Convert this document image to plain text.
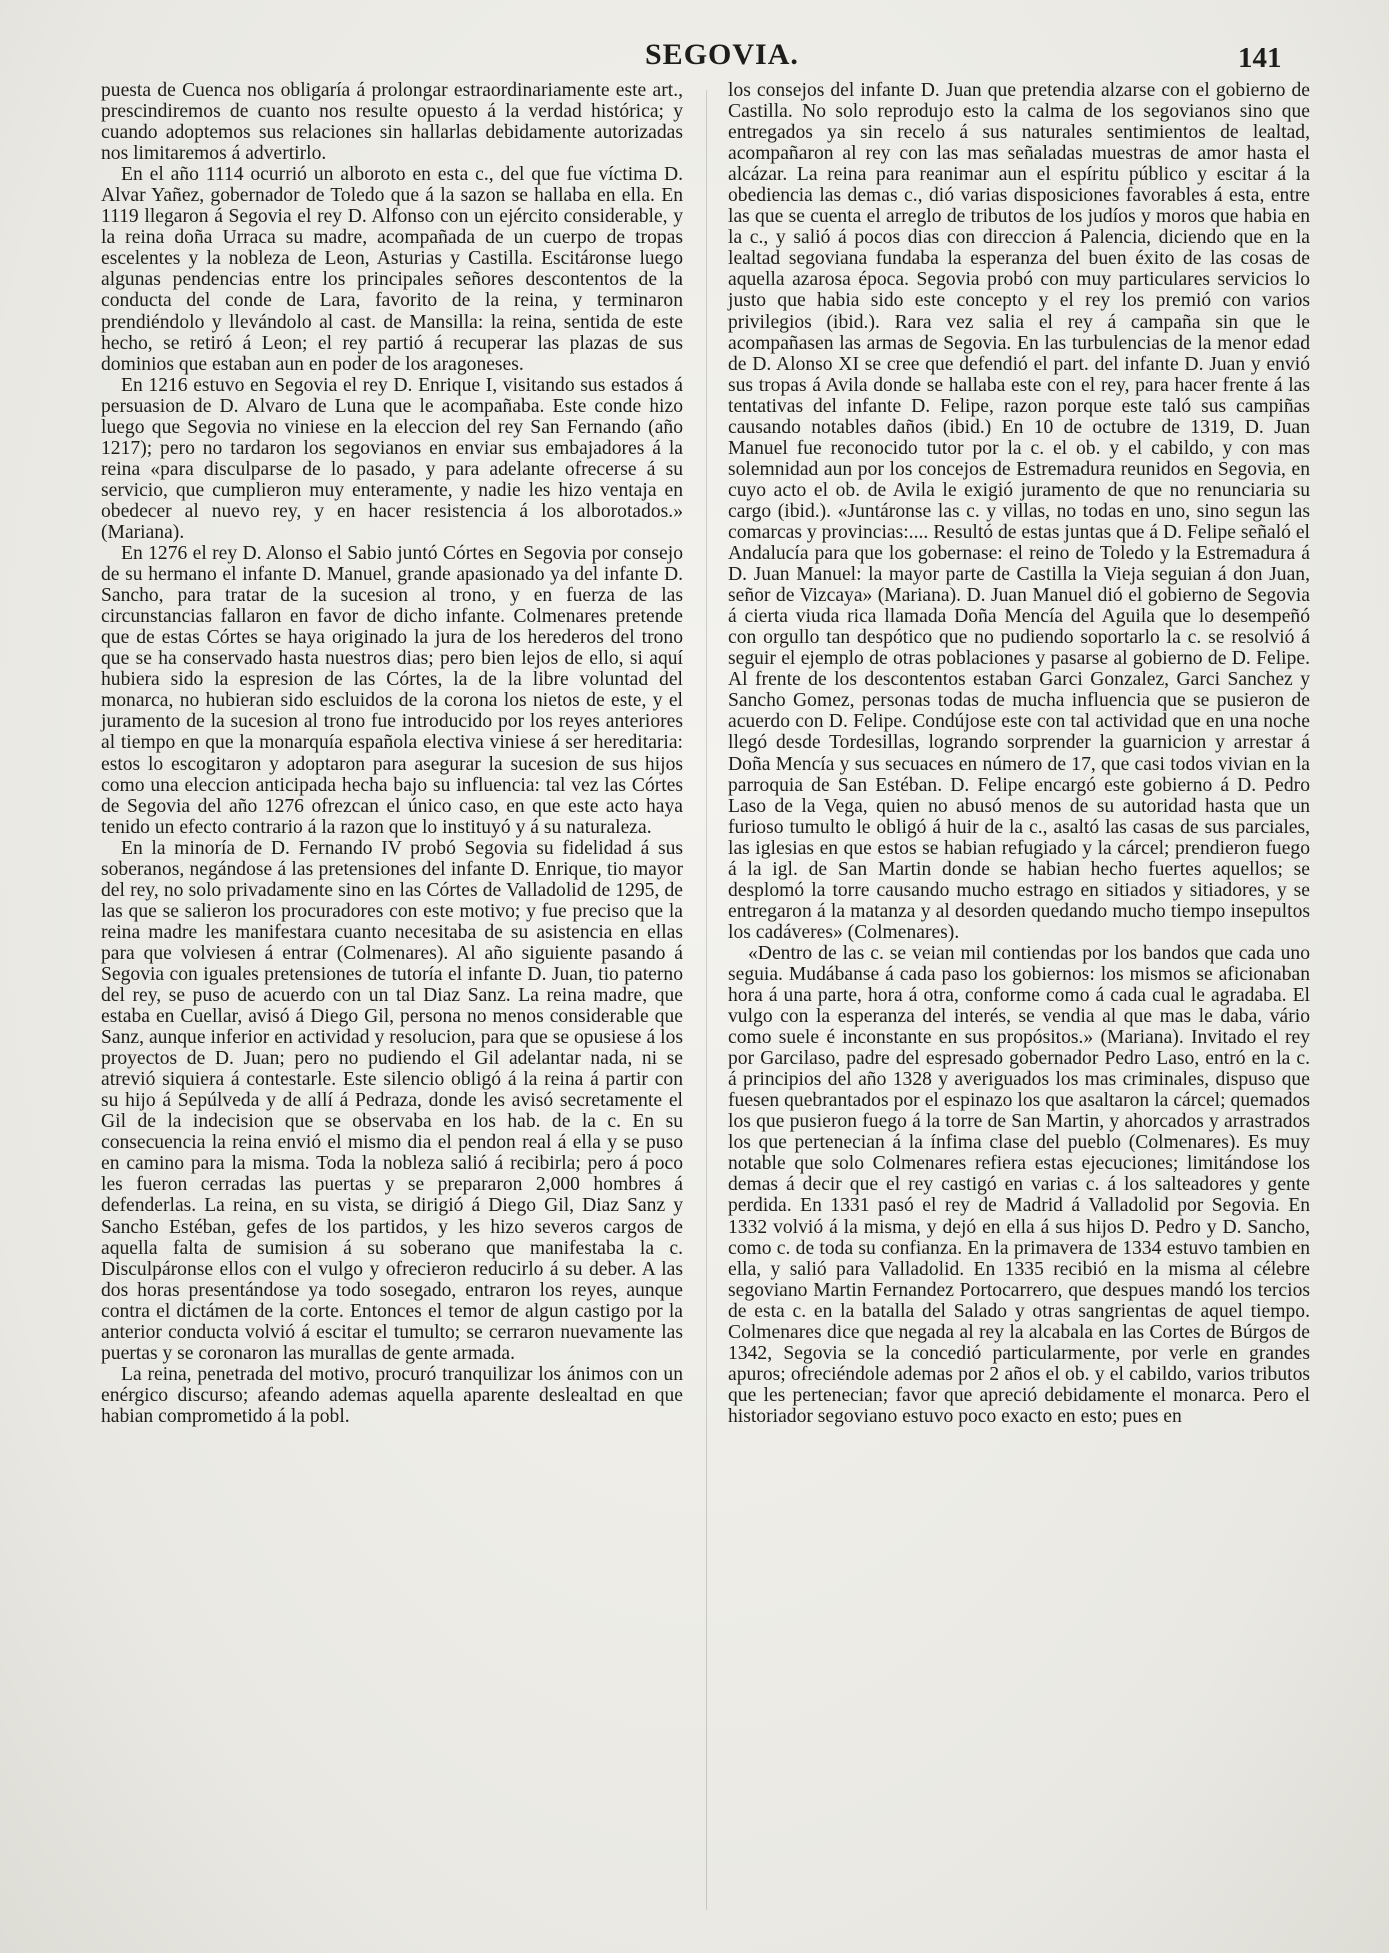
SEGOVIA.	141

puesta de Cuenca nos obligaría á prolongar estraordinariamente este art., prescindiremos de cuanto nos resulte opuesto á la verdad histórica; y cuando adoptemos sus relaciones sin hallarlas debidamente autorizadas nos limitaremos á advertirlo.

En el año 1114 ocurrió un alboroto en esta c., del que fue víctima D. Alvar Yañez, gobernador de Toledo que á la sazon se hallaba en ella. En 1119 llegaron á Segovia el rey D. Alfonso con un ejército considerable, y la reina doña Urraca su madre, acompañada de un cuerpo de tropas escelentes y la nobleza de Leon, Asturias y Castilla. Escitáronse luego algunas pendencias entre los principales señores descontentos de la conducta del conde de Lara, favorito de la reina, y terminaron prendiéndolo y llevándolo al cast. de Mansilla: la reina, sentida de este hecho, se retiró á Leon; el rey partió á recuperar las plazas de sus dominios que estaban aun en poder de los aragoneses.

En 1216 estuvo en Segovia el rey D. Enrique I, visitando sus estados á persuasion de D. Alvaro de Luna que le acompañaba. Este conde hizo luego que Segovia no viniese en la eleccion del rey San Fernando (año 1217); pero no tardaron los segovianos en enviar sus embajadores á la reina «para disculparse de lo pasado, y para adelante ofrecerse á su servicio, que cumplieron muy enteramente, y nadie les hizo ventaja en obedecer al nuevo rey, y en hacer resistencia á los alborotados.» (Mariana).

En 1276 el rey D. Alonso el Sabio juntó Córtes en Segovia por consejo de su hermano el infante D. Manuel, grande apasionado ya del infante D. Sancho, para tratar de la sucesion al trono, y en fuerza de las circunstancias fallaron en favor de dicho infante. Colmenares pretende que de estas Córtes se haya originado la jura de los herederos del trono que se ha conservado hasta nuestros dias; pero bien lejos de ello, si aquí hubiera sido la espresion de las Córtes, la de la libre voluntad del monarca, no hubieran sido escluidos de la corona los nietos de este, y el juramento de la sucesion al trono fue introducido por los reyes anteriores al tiempo en que la monarquía española electiva viniese á ser hereditaria: estos lo escogitaron y adoptaron para asegurar la sucesion de sus hijos como una eleccion anticipada hecha bajo su influencia: tal vez las Córtes de Segovia del año 1276 ofrezcan el único caso, en que este acto haya tenido un efecto contrario á la razon que lo instituyó y á su naturaleza.

En la minoría de D. Fernando IV probó Segovia su fidelidad á sus soberanos, negándose á las pretensiones del infante D. Enrique, tio mayor del rey, no solo privadamente sino en las Córtes de Valladolid de 1295, de las que se salieron los procuradores con este motivo; y fue preciso que la reina madre les manifestara cuanto necesitaba de su asistencia en ellas para que volviesen á entrar (Colmenares). Al año siguiente pasando á Segovia con iguales pretensiones de tutoría el infante D. Juan, tio paterno del rey, se puso de acuerdo con un tal Diaz Sanz. La reina madre, que estaba en Cuellar, avisó á Diego Gil, persona no menos considerable que Sanz, aunque inferior en actividad y resolucion, para que se opusiese á los proyectos de D. Juan; pero no pudiendo el Gil adelantar nada, ni se atrevió siquiera á contestarle. Este silencio obligó á la reina á partir con su hijo á Sepúlveda y de allí á Pedraza, donde les avisó secretamente el Gil de la indecision que se observaba en los hab. de la c. En su consecuencia la reina envió el mismo dia el pendon real á ella y se puso en camino para la misma. Toda la nobleza salió á recibirla; pero á poco les fueron cerradas las puertas y se prepararon 2,000 hombres á defenderlas. La reina, en su vista, se dirigió á Diego Gil, Diaz Sanz y Sancho Estéban, gefes de los partidos, y les hizo severos cargos de aquella falta de sumision á su soberano que manifestaba la c. Disculpáronse ellos con el vulgo y ofrecieron reducirlo á su deber. A las dos horas presentándose ya todo sosegado, entraron los reyes, aunque contra el dictámen de la corte. Entonces el temor de algun castigo por la anterior conducta volvió á escitar el tumulto; se cerraron nuevamente las puertas y se coronaron las murallas de gente armada.

La reina, penetrada del motivo, procuró tranquilizar los ánimos con un enérgico discurso; afeando ademas aquella aparente deslealtad en que habian comprometido á la pobl.

los consejos del infante D. Juan que pretendia alzarse con el gobierno de Castilla. No solo reprodujo esto la calma de los segovianos sino que entregados ya sin recelo á sus naturales sentimientos de lealtad, acompañaron al rey con las mas señaladas muestras de amor hasta el alcázar. La reina para reanimar aun el espíritu público y escitar á la obediencia las demas c., dió varias disposiciones favorables á esta, entre las que se cuenta el arreglo de tributos de los judíos y moros que habia en la c., y salió á pocos dias con direccion á Palencia, diciendo que en la lealtad segoviana fundaba la esperanza del buen éxito de las cosas de aquella azarosa época. Segovia probó con muy particulares servicios lo justo que habia sido este concepto y el rey los premió con varios privilegios (ibid.). Rara vez salia el rey á campaña sin que le acompañasen las armas de Segovia. En las turbulencias de la menor edad de D. Alonso XI se cree que defendió el part. del infante D. Juan y envió sus tropas á Avila donde se hallaba este con el rey, para hacer frente á las tentativas del infante D. Felipe, razon porque este taló sus campiñas causando notables daños (ibid.) En 10 de octubre de 1319, D. Juan Manuel fue reconocido tutor por la c. el ob. y el cabildo, y con mas solemnidad aun por los concejos de Estremadura reunidos en Segovia, en cuyo acto el ob. de Avila le exigió juramento de que no renunciaria su cargo (ibid.). «Juntáronse las c. y villas, no todas en uno, sino segun las comarcas y provincias:.... Resultó de estas juntas que á D. Felipe señaló el Andalucía para que los gobernase: el reino de Toledo y la Estremadura á D. Juan Manuel: la mayor parte de Castilla la Vieja seguian á don Juan, señor de Vizcaya» (Mariana). D. Juan Manuel dió el gobierno de Segovia á cierta viuda rica llamada Doña Mencía del Aguila que lo desempeñó con orgullo tan despótico que no pudiendo soportarlo la c. se resolvió á seguir el ejemplo de otras poblaciones y pasarse al gobierno de D. Felipe. Al frente de los descontentos estaban Garci Gonzalez, Garci Sanchez y Sancho Gomez, personas todas de mucha influencia que se pusieron de acuerdo con D. Felipe. Condújose este con tal actividad que en una noche llegó desde Tordesillas, logrando sorprender la guarnicion y arrestar á Doña Mencía y sus secuaces en número de 17, que casi todos vivian en la parroquia de San Estéban. D. Felipe encargó este gobierno á D. Pedro Laso de la Vega, quien no abusó menos de su autoridad hasta que un furioso tumulto le obligó á huir de la c., asaltó las casas de sus parciales, las iglesias en que estos se habian refugiado y la cárcel; prendieron fuego á la igl. de San Martin donde se habian hecho fuertes aquellos; se desplomó la torre causando mucho estrago en sitiados y sitiadores, y se entregaron á la matanza y al desorden quedando mucho tiempo insepultos los cadáveres» (Colmenares).

«Dentro de las c. se veian mil contiendas por los bandos que cada uno seguia. Mudábanse á cada paso los gobiernos: los mismos se aficionaban hora á una parte, hora á otra, conforme como á cada cual le agradaba. El vulgo con la esperanza del interés, se vendia al que mas le daba, vário como suele é inconstante en sus propósitos.» (Mariana). Invitado el rey por Garcilaso, padre del espresado gobernador Pedro Laso, entró en la c. á principios del año 1328 y averiguados los mas criminales, dispuso que fuesen quebrantados por el espinazo los que asaltaron la cárcel; quemados los que pusieron fuego á la torre de San Martin, y ahorcados y arrastrados los que pertenecian á la ínfima clase del pueblo (Colmenares). Es muy notable que solo Colmenares refiera estas ejecuciones; limitándose los demas á decir que el rey castigó en varias c. á los salteadores y gente perdida. En 1331 pasó el rey de Madrid á Valladolid por Segovia. En 1332 volvió á la misma, y dejó en ella á sus hijos D. Pedro y D. Sancho, como c. de toda su confianza. En la primavera de 1334 estuvo tambien en ella, y salió para Valladolid. En 1335 recibió en la misma al célebre segoviano Martin Fernandez Portocarrero, que despues mandó los tercios de esta c. en la batalla del Salado y otras sangrientas de aquel tiempo. Colmenares dice que negada al rey la alcabala en las Cortes de Búrgos de 1342, Segovia se la concedió particularmente, por verle en grandes apuros; ofreciéndole ademas por 2 años el ob. y el cabildo, varios tributos que les pertenecian; favor que apreció debidamente el monarca. Pero el historiador segoviano estuvo poco exacto en esto; pues en
